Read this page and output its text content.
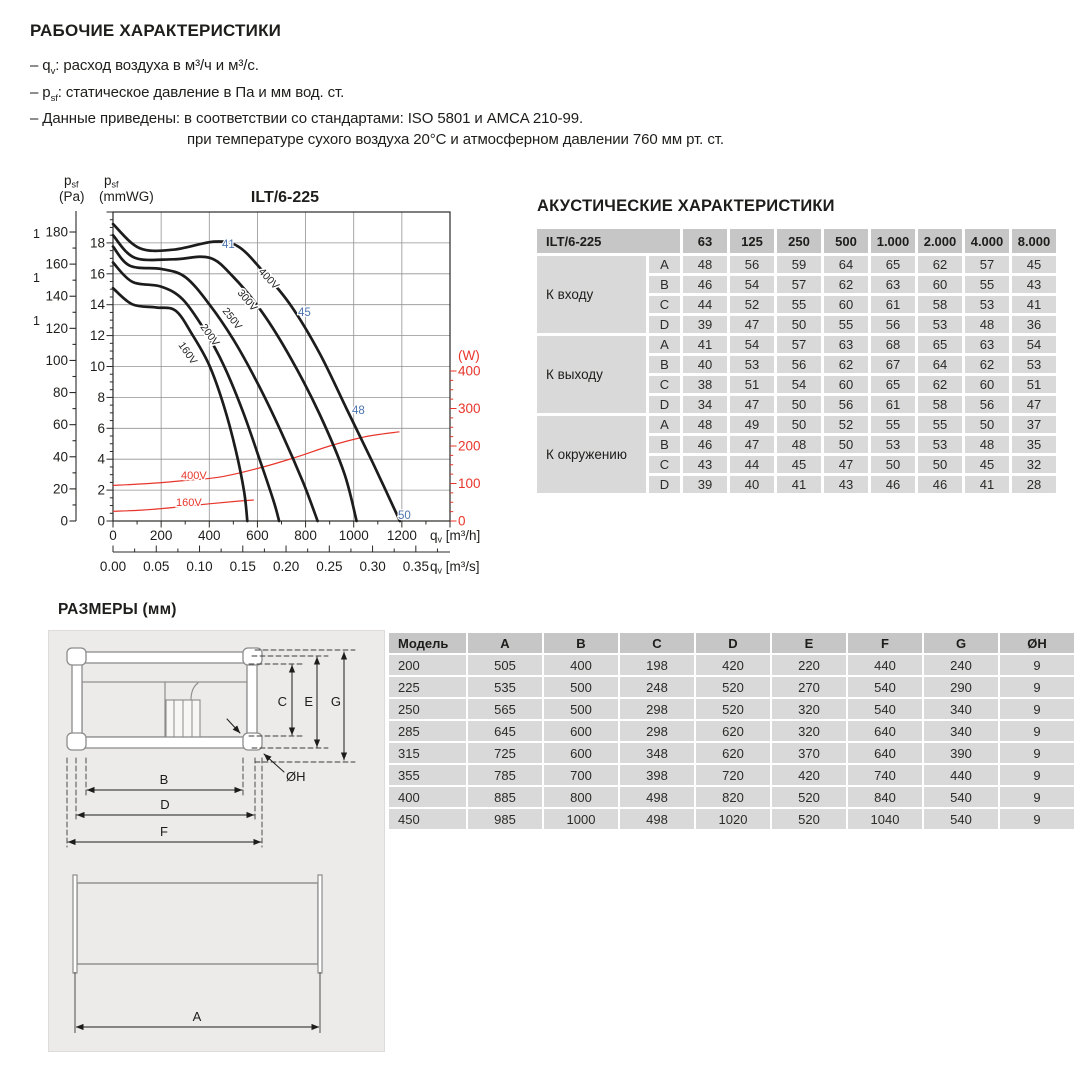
РАБОЧИЕ ХАРАКТЕРИСТИКИ
– $q_v$: расход воздуха в м³/ч и м³/с.
– $p_{sf}$: статическое давление в Па и мм вод. ст.
– Данные приведены: в соответствии со стандартами: ISO 5801 и AMCA 210-99.
при температуре сухого воздуха 20°C и атмосферном давлении 760 мм рт. ст.
АКУСТИЧЕСКИЕ ХАРАКТЕРИСТИКИ
ILT/6-225	63	125	250	500	1.000	2.000	4.000	8.000
К входу
A	48	56	59	64	65	62	57	45
B	46	54	57	62	63	60	55	43
C	44	52	55	60	61	58	53	41
D	39	47	50	55	56	53	48	36
К выходу
A	41	54	57	63	68	65	63	54
B	40	53	56	62	67	64	62	53
C	38	51	54	60	65	62	60	51
D	34	47	50	56	61	58	56	47
К окружению
A	48	49	50	52	55	55	50	37
B	46	47	48	50	53	53	48	35
C	43	44	45	47	50	50	45	32
D	39	40	41	43	46	46	41	28
РАЗМЕРЫ (мм)
Модель	A	B	C	D	E	F	G	ØH
200	505	400	198	420	220	440	240	9
225	535	500	248	520	270	540	290	9
250	565	500	298	520	320	540	340	9
285	645	600	298	620	320	640	340	9
315	725	600	348	620	370	640	390	9
355	785	700	398	720	420	740	440	9
400	885	800	498	820	520	840	540	9
450	985	1000	498	1020	520	1040	540	9
0
20
40
60
80
100
120
140
160
180
0
2
4
6
8
10
12
14
16
18
0
100
200
300
400
(W)
0 200 400 600 800 1000 1200
0.00 0.05 0.10 0.15 0.20 0.25 0.30 0.35
qv [m³/h]
qv [m³/s]
psf
(Pa)
psf
(mmWG)	ILT/6-225
1
1
1
160V
400V
160V
200V
250V
300V
400V
41
45
48
50
C E G
B
D
F
ØH
A
